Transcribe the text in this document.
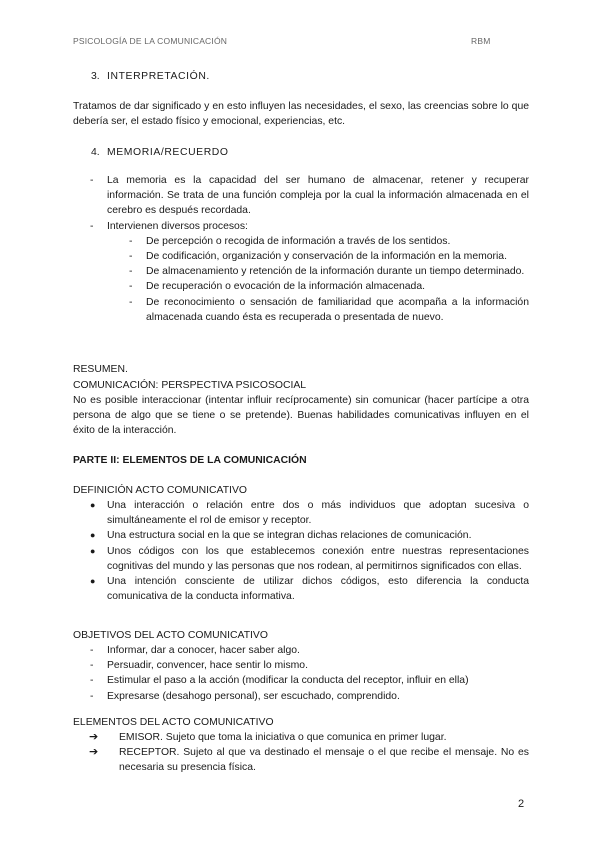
PSICOLOGÍA DE LA COMUNICACIÓN	RBM
3. INTERPRETACIÓN.
Tratamos de dar significado y en esto influyen las necesidades, el sexo, las creencias sobre lo que debería ser, el estado físico y emocional, experiencias, etc.
4. MEMORIA/RECUERDO
- La memoria es la capacidad del ser humano de almacenar, retener y recuperar información. Se trata de una función compleja por la cual la información almacenada en el cerebro es después recordada.
- Intervienen diversos procesos:
- De percepción o recogida de información a través de los sentidos.
- De codificación, organización y conservación de la información en la memoria.
- De almacenamiento y retención de la información durante un tiempo determinado.
- De recuperación o evocación de la información almacenada.
- De reconocimiento o sensación de familiaridad que acompaña a la información almacenada cuando ésta es recuperada o presentada de nuevo.
RESUMEN.
COMUNICACIÓN: PERSPECTIVA PSICOSOCIAL
No es posible interaccionar (intentar influir recíprocamente) sin comunicar (hacer partícipe a otra persona de algo que se tiene o se pretende). Buenas habilidades comunicativas influyen en el éxito de la interacción.
PARTE II: ELEMENTOS DE LA COMUNICACIÓN
DEFINICIÓN ACTO COMUNICATIVO
● Una interacción o relación entre dos o más individuos que adoptan sucesiva o simultáneamente el rol de emisor y receptor.
● Una estructura social en la que se integran dichas relaciones de comunicación.
● Unos códigos con los que establecemos conexión entre nuestras representaciones cognitivas del mundo y las personas que nos rodean, al permitirnos significados con ellas.
● Una intención consciente de utilizar dichos códigos, esto diferencia la conducta comunicativa de la conducta informativa.
OBJETIVOS DEL ACTO COMUNICATIVO
- Informar, dar a conocer, hacer saber algo.
- Persuadir, convencer, hace sentir lo mismo.
- Estimular el paso a la acción (modificar la conducta del receptor, influir en ella)
- Expresarse (desahogo personal), ser escuchado, comprendido.
ELEMENTOS DEL ACTO COMUNICATIVO
➔ EMISOR. Sujeto que toma la iniciativa o que comunica en primer lugar.
➔ RECEPTOR. Sujeto al que va destinado el mensaje o el que recibe el mensaje. No es necesaria su presencia física.
2
